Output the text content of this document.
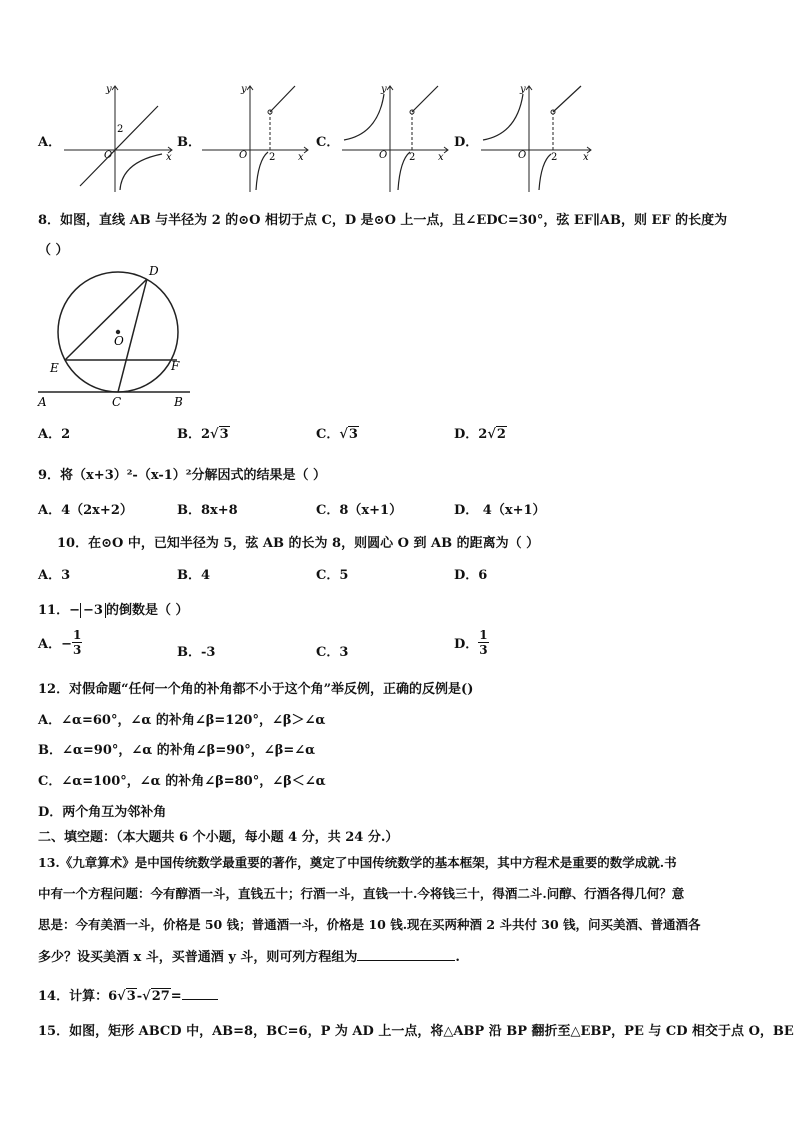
A．
y
x
O
2
B．
y
x
O 2
C．
y
x
O 2
D．
y
x
O 2
8．如图，直线 AB 与半径为 2 的⊙O 相切于点 C，D 是⊙O 上一点，且∠EDC=30°，弦 EF∥AB，则 EF 的长度为
（ ）
D
O
E	F
A	C	B
A．2	B．2√3	C．√3	D．2√2
9．将（x+3）²-（x-1）²分解因式的结果是（ ）
A．4（2x+2）	B．8x+8	C．8（x+1）	D． 4（x+1）
10．在⊙O 中，已知半径为 5，弦 AB 的长为 8，则圆心 O 到 AB 的距离为（ ）
A．3	B．4	C．5	D．6
11．− −3 的倒数是（ ）
A．− $\frac{1}{3}$	B．-3	C．3
D． $\frac{1}{3}$
12．对假命题“任何一个角的补角都不小于这个角”举反例，正确的反例是()
A．∠α=60°，∠α 的补角∠β=120°，∠β＞∠α
B．∠α=90°，∠α 的补角∠β=90°，∠β=∠α
C．∠α=100°，∠α 的补角∠β=80°，∠β＜∠α
D．两个角互为邻补角
二、填空题：（本大题共 6 个小题，每小题 4 分，共 24 分.）
13.《九章算术》是中国传统数学最重要的著作，奠定了中国传统数学的基本框架，其中方程术是重要的数学成就.书
中有一个方程问题：今有醇酒一斗，直钱五十；行酒一斗，直钱一十.今将钱三十，得酒二斗.问醇、行酒各得几何？意
思是：今有美酒一斗，价格是 50 钱；普通酒一斗，价格是 10 钱.现在买两种酒 2 斗共付 30 钱，问买美酒、普通酒各
多少？设买美酒 x 斗，买普通酒 y 斗，则可列方程组为	.
14．计算：6√3-√27=
15．如图，矩形 ABCD 中，AB=8，BC=6，P 为 AD 上一点，将△ABP 沿 BP 翻折至△EBP，PE 与 CD 相交于点 O，BE
